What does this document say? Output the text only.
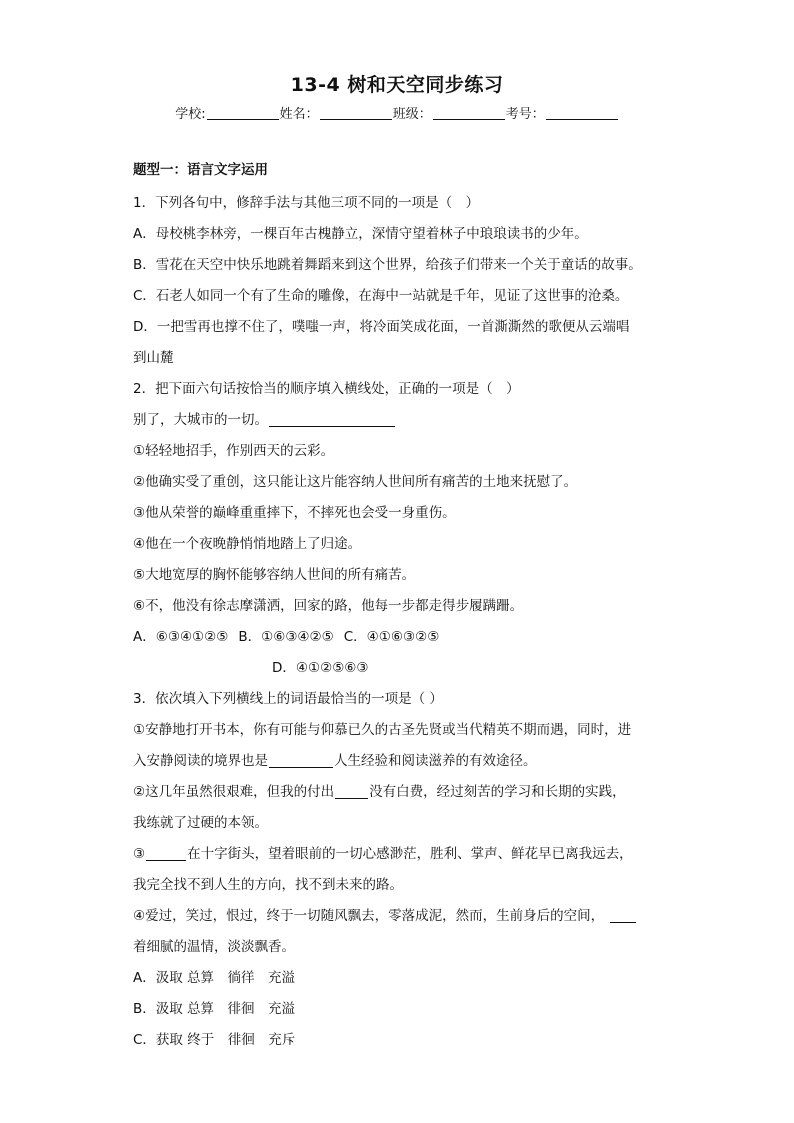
13-4 树和天空同步练习
学校:	姓名：	班级：	考号：
题型一：语言文字运用
1．下列各句中，修辞手法与其他三项不同的一项是（　）
A．母校桃李林旁，一棵百年古槐静立，深情守望着林子中琅琅读书的少年。
B．雪花在天空中快乐地跳着舞蹈来到这个世界，给孩子们带来一个关于童话的故事。
C．石老人如同一个有了生命的雕像，在海中一站就是千年，见证了这世事的沧桑。
D．一把雪再也撑不住了，噗嗤一声，将冷面笑成花面，一首澌澌然的歌便从云端唱
到山麓
2．把下面六句话按恰当的顺序填入横线处，正确的一项是（　）
别了，大城市的一切。
①轻轻地招手，作别西天的云彩。
②他确实受了重创，这只能让这片能容纳人世间所有痛苦的土地来抚慰了。
③他从荣誉的巅峰重重摔下，不摔死也会受一身重伤。
④他在一个夜晚静悄悄地踏上了归途。
⑤大地宽厚的胸怀能够容纳人世间的所有痛苦。
⑥不，他没有徐志摩潇洒，回家的路，他每一步都走得步履蹒跚。
A．⑥③④①②⑤ B．①⑥③④②⑤ C．④①⑥③②⑤
D．④①②⑤⑥③
3．依次填入下列横线上的词语最恰当的一项是（ ）
①安静地打开书本，你有可能与仰慕已久的古圣先贤或当代精英不期而遇，同时，进
入安静阅读的境界也是	人生经验和阅读滋养的有效途径。
②这几年虽然很艰难，但我的付出	没有白费，经过刻苦的学习和长期的实践，
我练就了过硬的本领。
③	在十字街头，望着眼前的一切心感渺茫，胜利、掌声、鲜花早已离我远去，
我完全找不到人生的方向，找不到未来的路。
④爱过，笑过，恨过，终于一切随风飘去，零落成泥，然而，生前身后的空间，
着细腻的温情，淡淡飘香。
A．汲取 总算　徜徉　充溢
B．汲取 总算　徘徊　充溢
C．获取 终于　徘徊　充斥
